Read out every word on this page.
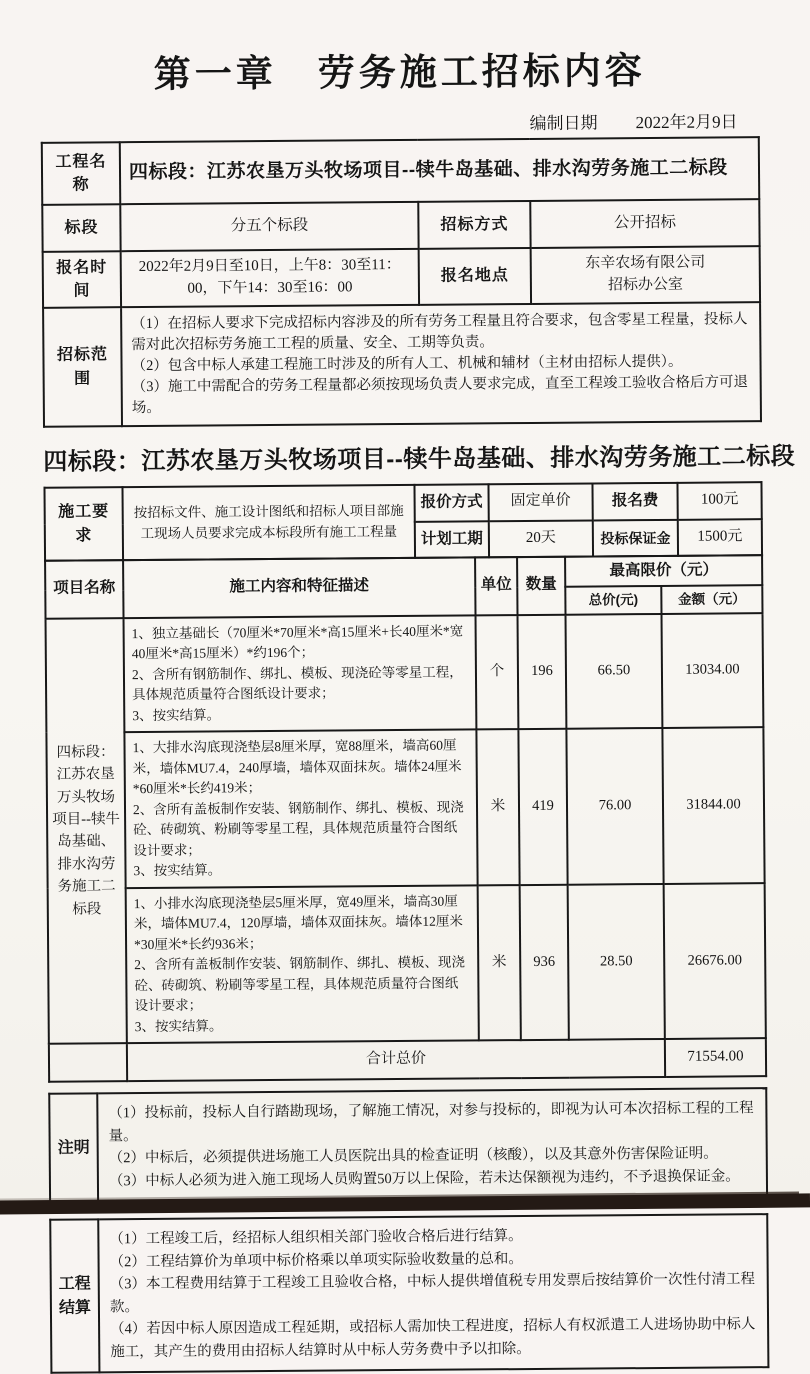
第一章　劳务施工招标内容
编制日期 2022年2月9日
工程名称	四标段：江苏农垦万头牧场项目--犊牛岛基础、排水沟劳务施工二标段		
标段	分五个标段	招标方式	公开招标
报名时间	2022年2月9日至10日，上午8：30至11：00，下午14：30至16：00	报名地点	东辛农场有限公司
招标办公室
招标范围	（1）在招标人要求下完成招标内容涉及的所有劳务工程量且符合要求，包含零星工程量，投标人需对此次招标劳务施工工程的质量、安全、工期等负责。

（2）包含中标人承建工程施工时涉及的所有人工、机械和辅材（主材由招标人提供）。

（3）施工中需配合的劳务工程量都必须按现场负责人要求完成，直至工程竣工验收合格后方可退场。		

四标段：江苏农垦万头牧场项目--犊牛岛基础、排水沟劳务施工二标段
施工要求	按招标文件、施工设计图纸和招标人项目部施工现场人员要求完成本标段所有施工工程量	报价方式	固定单价	报名费	100元
		计划工期	20天	投标保证金	1500元
项目名称	施工内容和特征描述	单位	数量	最高限价（元）	
				总价(元)	金额（元）
四标段：江苏农垦万头牧场项目--犊牛岛基础、排水沟劳务施工二标段	1、独立基础长（70厘米*70厘米*高15厘米+长40厘米*宽40厘米*高15厘米）*约196个；
2、含所有钢筋制作、绑扎、模板、现浇砼等零星工程，具体规范质量符合图纸设计要求；
3、按实结算。	个	196	66.50	13034.00
	1、大排水沟底现浇垫层8厘米厚，宽88厘米，墙高60厘米，墙体MU7.4，240厚墙，墙体双面抹灰。墙体24厘米*60厘米*长约419米；
2、含所有盖板制作安装、钢筋制作、绑扎、模板、现浇砼、砖砌筑、粉刷等零星工程，具体规范质量符合图纸设计要求；
3、按实结算。	米	419	76.00	31844.00
	1、小排水沟底现浇垫层5厘米厚，宽49厘米，墙高30厘米，墙体MU7.4，120厚墙，墙体双面抹灰。墙体12厘米*30厘米*长约936米；
2、含所有盖板制作安装、钢筋制作、绑扎、模板、现浇砼、砖砌筑、粉刷等零星工程，具体规范质量符合图纸设计要求；
3、按实结算。	米	936	28.50	26676.00
	合计总价				71554.00
注明	

（1）投标前，投标人自行踏勘现场，了解施工情况，对参与投标的，即视为认可本次招标工程的工程量。

（2）中标后，必须提供进场施工人员医院出具的检查证明（核酸），以及其意外伤害保险证明。

（3）中标人必须为进入施工现场人员购置50万以上保险，若未达保额视为违约，不予退换保证金。

工程结算	

（1）工程竣工后，经招标人组织相关部门验收合格后进行结算。

（2）工程结算价为单项中标价格乘以单项实际验收数量的总和。

（3）本工程费用结算于工程竣工且验收合格，中标人提供增值税专用发票后按结算价一次性付清工程款。

（4）若因中标人原因造成工程延期，或招标人需加快工程进度，招标人有权派遣工人进场协助中标人施工，其产生的费用由招标人结算时从中标人劳务费中予以扣除。
